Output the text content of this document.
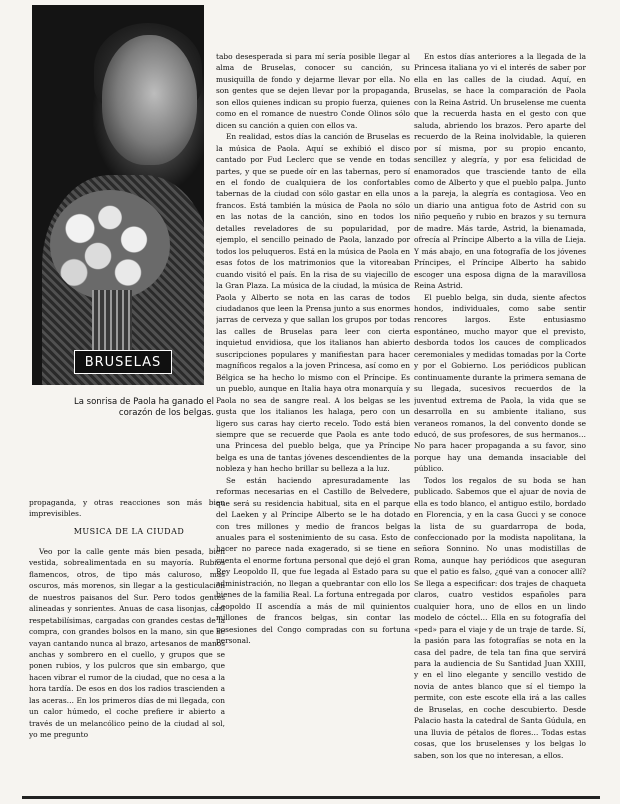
BRUSELAS
La sonrisa de Paola ha ganado el corazón de los belgas.

propaganda, y otras reacciones son más bien imprevisibles.

Veo por la calle gente más bien pesada, bien vestida, sobrealimentada en su mayoría. Rubios flamencos, otros, de tipo más caluroso, más oscuros, más morenos, sin llegar a la gesticulación de nuestros paisanos del Sur. Pero todos gentes alineadas y sonrientes. Anuas de casa lisonjas, casi respetabilísimas, cargadas con grandes cestas de la compra, con grandes bolsos en la mano, sin que se vayan cantando nunca al brazo, artesanos de manos anchas y sombrero en el cuello, y grupos que se ponen rubios, y los pulcros que sin embargo, que hacen vibrar el rumor de la ciudad, que no cesa a la hora tardía. De esos en dos los radios trascienden a las aceras… En los primeros días de mi llegada, con un calor húmedo, el coche prefiere ir abierto a través de un melancólico peino de la ciudad al sol, yo me pregunto

MUSICA DE LA CIUDAD

tabo desesperada si para mí sería posible llegar al alma de Bruselas, conocer su canción, su musiquilla de fondo y dejarme llevar por ella. No son gentes que se dejen llevar por la propaganda, son ellos quienes indican su propio fuerza, quienes como en el romance de nuestro Conde Olinos sólo dicen su canción a quien con ellos va.

En realidad, estos días la canción de Bruselas es la música de Paola. Aquí se exhibió el disco cantado por Fud Leclerc que se vende en todas partes, y que se puede oír en las tabernas, pero sí en el fondo de cualquiera de los confortables tabernas de la ciudad con sólo gastar en ella unos francos. Está también la música de Paola no sólo en las notas de la canción, sino en todos los detalles reveladores de su popularidad, por ejemplo, el sencillo peinado de Paola, lanzado por todos los peluqueros. Está en la música de Paola en esas fotos de los matrimonios que la vitoreaban cuando visitó el país. En la risa de su viajecillo de la Gran Plaza. La música de la ciudad, la música de Paola y Alberto se nota en las caras de todos ciudadanos que leen la Prensa junto a sus enormes jarras de cerveza y que sallan los grupos por todas las calles de Bruselas para leer con cierta inquietud envidiosa, que los italianos han abierto suscripciones populares y manifiestan para hacer magníficos regalos a la joven Princesa, así como en Bélgica se ha hecho lo mismo con el Príncipe. Es un pueblo, aunque en Italia haya otra monarquía y Paola no sea de sangre real. A los belgas se les gusta que los italianos les halaga, pero con un ligero sus caras hay cierto recelo. Todo está bien siempre que se recuerde que Paola es ante todo una Princesa del pueblo belga, que ya Príncipe belga es una de tantas jóvenes descendientes de la nobleza y han hecho brillar su belleza a la luz.

Se están haciendo apresuradamente las reformas necesarias en el Castillo de Belvedere, que será su residencia habitual, sita en el parque del Laeken y al Príncipe Alberto se le ha dotado con tres millones y medio de francos belgas anuales para el sostenimiento de su casa. Esto de hacer no parece nada exagerado, si se tiene en cuenta el enorme fortuna personal que dejó el gran Rey Leopoldo II, que fue legada al Estado para su administración, no llegan a quebrantar con ello los bienes de la familia Real. La fortuna entregada por Leopoldo II ascendía a más de mil quinientos millones de francos belgas, sin contar las posesiones del Congo compradas con su fortuna personal.

En estos días anteriores a la llegada de la Princesa italiana yo vi el interés de saber por ella en las calles de la ciudad. Aquí, en Bruselas, se hace la comparación de Paola con la Reina Astrid. Un bruselense me cuenta que la recuerda hasta en el gesto con que saluda, abriendo los brazos. Pero aparte del recuerdo de la Reina inolvidable, la quieren por sí misma, por su propio encanto, sencillez y alegría, y por esa felicidad de enamorados que trasciende tanto de ella como de Alberto y que el pueblo palpa. Junto a la pareja, la alegría es contagiosa. Veo en un diario una antigua foto de Astrid con su niño pequeño y rubio en brazos y su ternura de madre. Más tarde, Astrid, la bienamada, ofrecía al Príncipe Alberto a la villa de Lieja. Y más abajo, en una fotografía de los jóvenes Príncipes, el Príncipe Alberto ha sabido escoger una esposa digna de la maravillosa Reina Astrid.

El pueblo belga, sin duda, siente afectos hondos, individuales, como sabe sentir rencores largos. Este entusiasmo espontáneo, mucho mayor que el previsto, desborda todos los cauces de complicados ceremoniales y medidas tomadas por la Corte y por el Gobierno. Los periódicos publican continuamente durante la primera semana de su llegada, sucesivos recuerdos de la juventud extrema de Paola, la vida que se desarrolla en su ambiente italiano, sus veraneos romanos, la del convento donde se educó, de sus profesores, de sus hermanos… No para hacer propaganda a su favor, sino porque hay una demanda insaciable del público.

Todos los regalos de su boda se han publicado. Sabemos que el ajuar de novia de ella es todo blanco, el antiguo estilo, bordado en Florencia, y en la casa Gucci y se conoce la lista de su guardarropa de boda, confeccionado por la modista napolitana, la señora Sonnino. No unas modistillas de Roma, aunque hay periódicos que aseguran que el patio es falso, ¿qué van a conocer allí? Se llega a especificar: dos trajes de chaqueta claros, cuatro vestidos españoles para cualquier hora, uno de ellos en un lindo modelo de cóctel… Ella en su fotografía del «ped» para el viaje y de un traje de tarde. Sí, la pasión para las fotografías se nota en la casa del padre, de tela tan fina que servirá para la audiencia de Su Santidad Juan XXIII, y en el lino elegante y sencillo vestido de novia de antes blanco que sí el tiempo la permite, con este escote ella irá a las calles de Bruselas, en coche descubierto. Desde Palacio hasta la catedral de Santa Gúdula, en una lluvia de pétalos de flores… Todas estas cosas, que los bruselenses y los belgas lo saben, son los que no interesan, a ellos.
